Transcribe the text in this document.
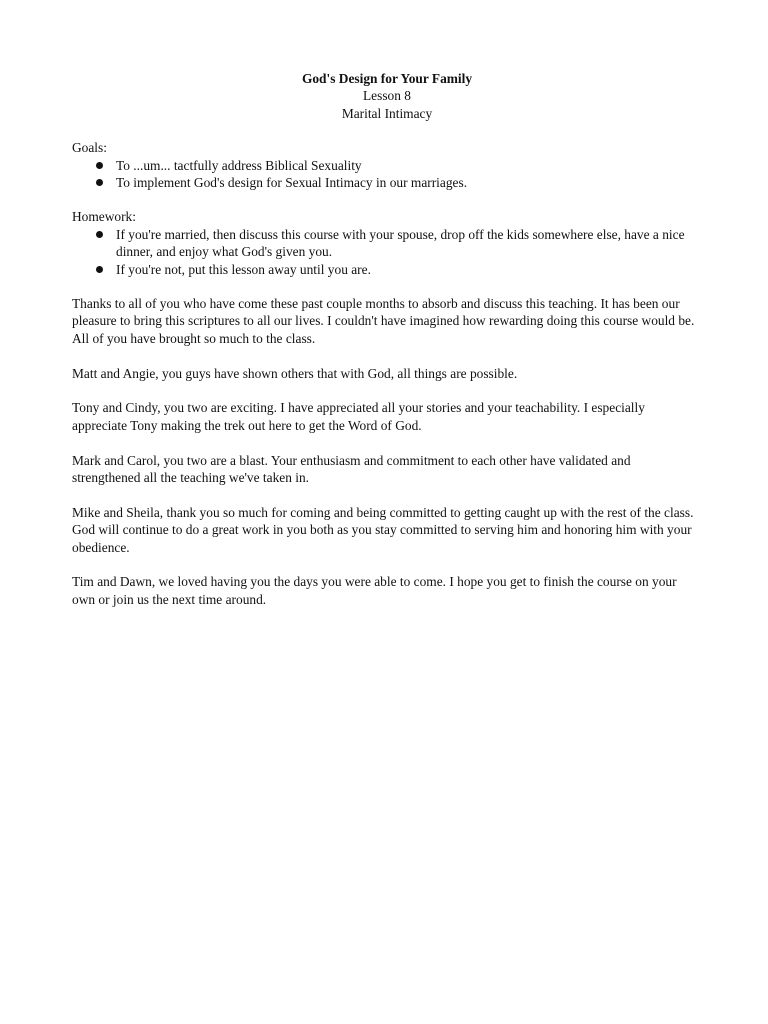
God's Design for Your Family
Lesson 8
Marital Intimacy
Goals:
To ...um... tactfully address Biblical Sexuality
To implement God's design for Sexual Intimacy in our marriages.
Homework:
If you're married, then discuss this course with your spouse, drop off the kids somewhere else, have a nice dinner, and enjoy what God's given you.
If you're not, put this lesson away until you are.

Thanks to all of you who have come these past couple months to absorb and discuss this teaching. It has been our pleasure to bring this scriptures to all our lives. I couldn't have imagined how rewarding doing this course would be. All of you have brought so much to the class.

Matt and Angie, you guys have shown others that with God, all things are possible.

Tony and Cindy, you two are exciting. I have appreciated all your stories and your teachability. I especially appreciate Tony making the trek out here to get the Word of God.

Mark and Carol, you two are a blast. Your enthusiasm and commitment to each other have validated and strengthened all the teaching we've taken in.

Mike and Sheila, thank you so much for coming and being committed to getting caught up with the rest of the class. God will continue to do a great work in you both as you stay committed to serving him and honoring him with your obedience.

Tim and Dawn, we loved having you the days you were able to come. I hope you get to finish the course on your own or join us the next time around.
